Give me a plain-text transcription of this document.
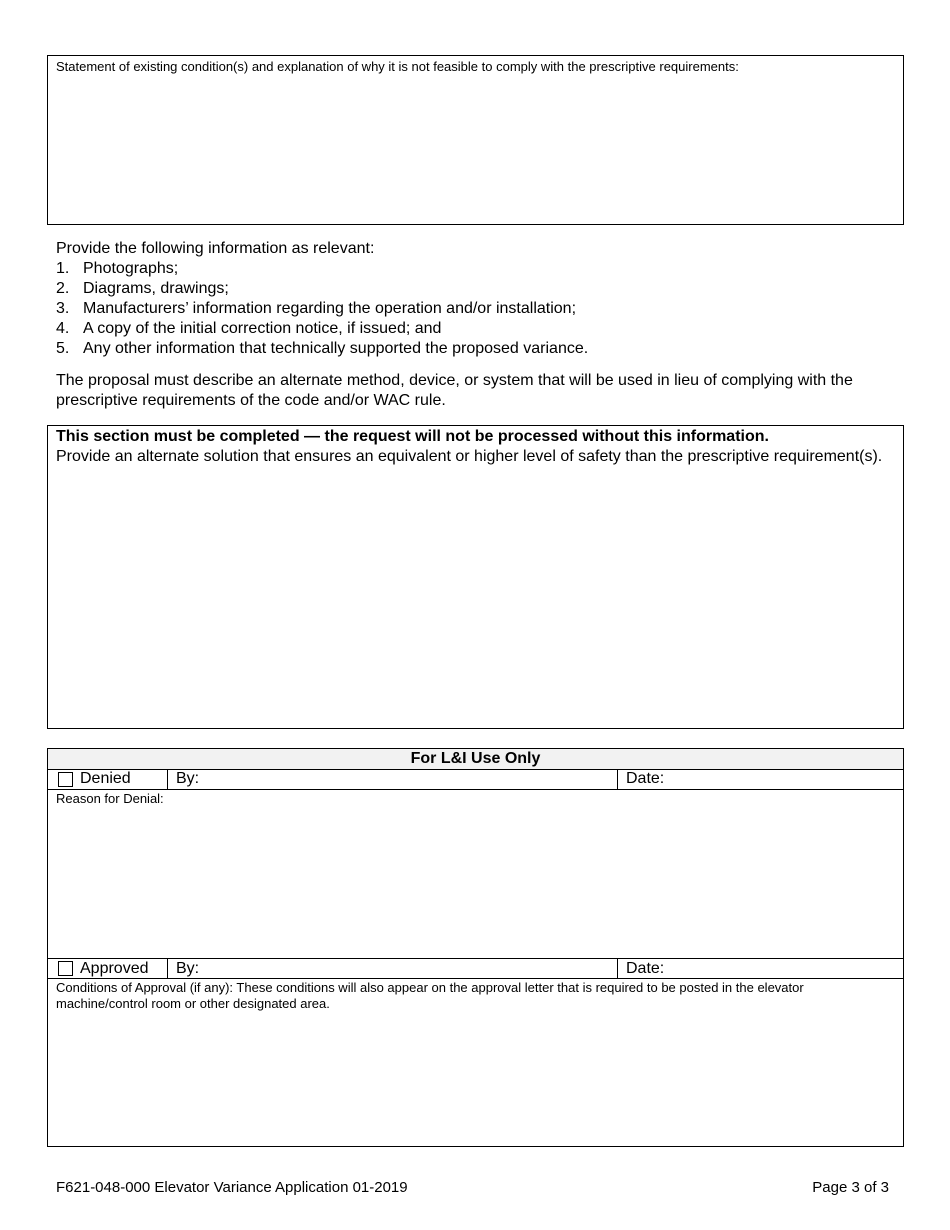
Statement of existing condition(s) and explanation of why it is not feasible to comply with the prescriptive requirements:
Provide the following information as relevant:
1. Photographs;
2. Diagrams, drawings;
3. Manufacturers’ information regarding the operation and/or installation;
4. A copy of the initial correction notice, if issued; and
5. Any other information that technically supported the proposed variance.
The proposal must describe an alternate method, device, or system that will be used in lieu of complying with the prescriptive requirements of the code and/or WAC rule.
This section must be completed — the request will not be processed without this information.
Provide an alternate solution that ensures an equivalent or higher level of safety than the prescriptive requirement(s).
For L&I Use Only
Denied	By:	Date:
Reason for Denial:
Approved	By:	Date:
Conditions of Approval (if any): These conditions will also appear on the approval letter that is required to be posted in the elevator machine/control room or other designated area.
F621-048-000 Elevator Variance Application 01-2019	Page 3 of 3
